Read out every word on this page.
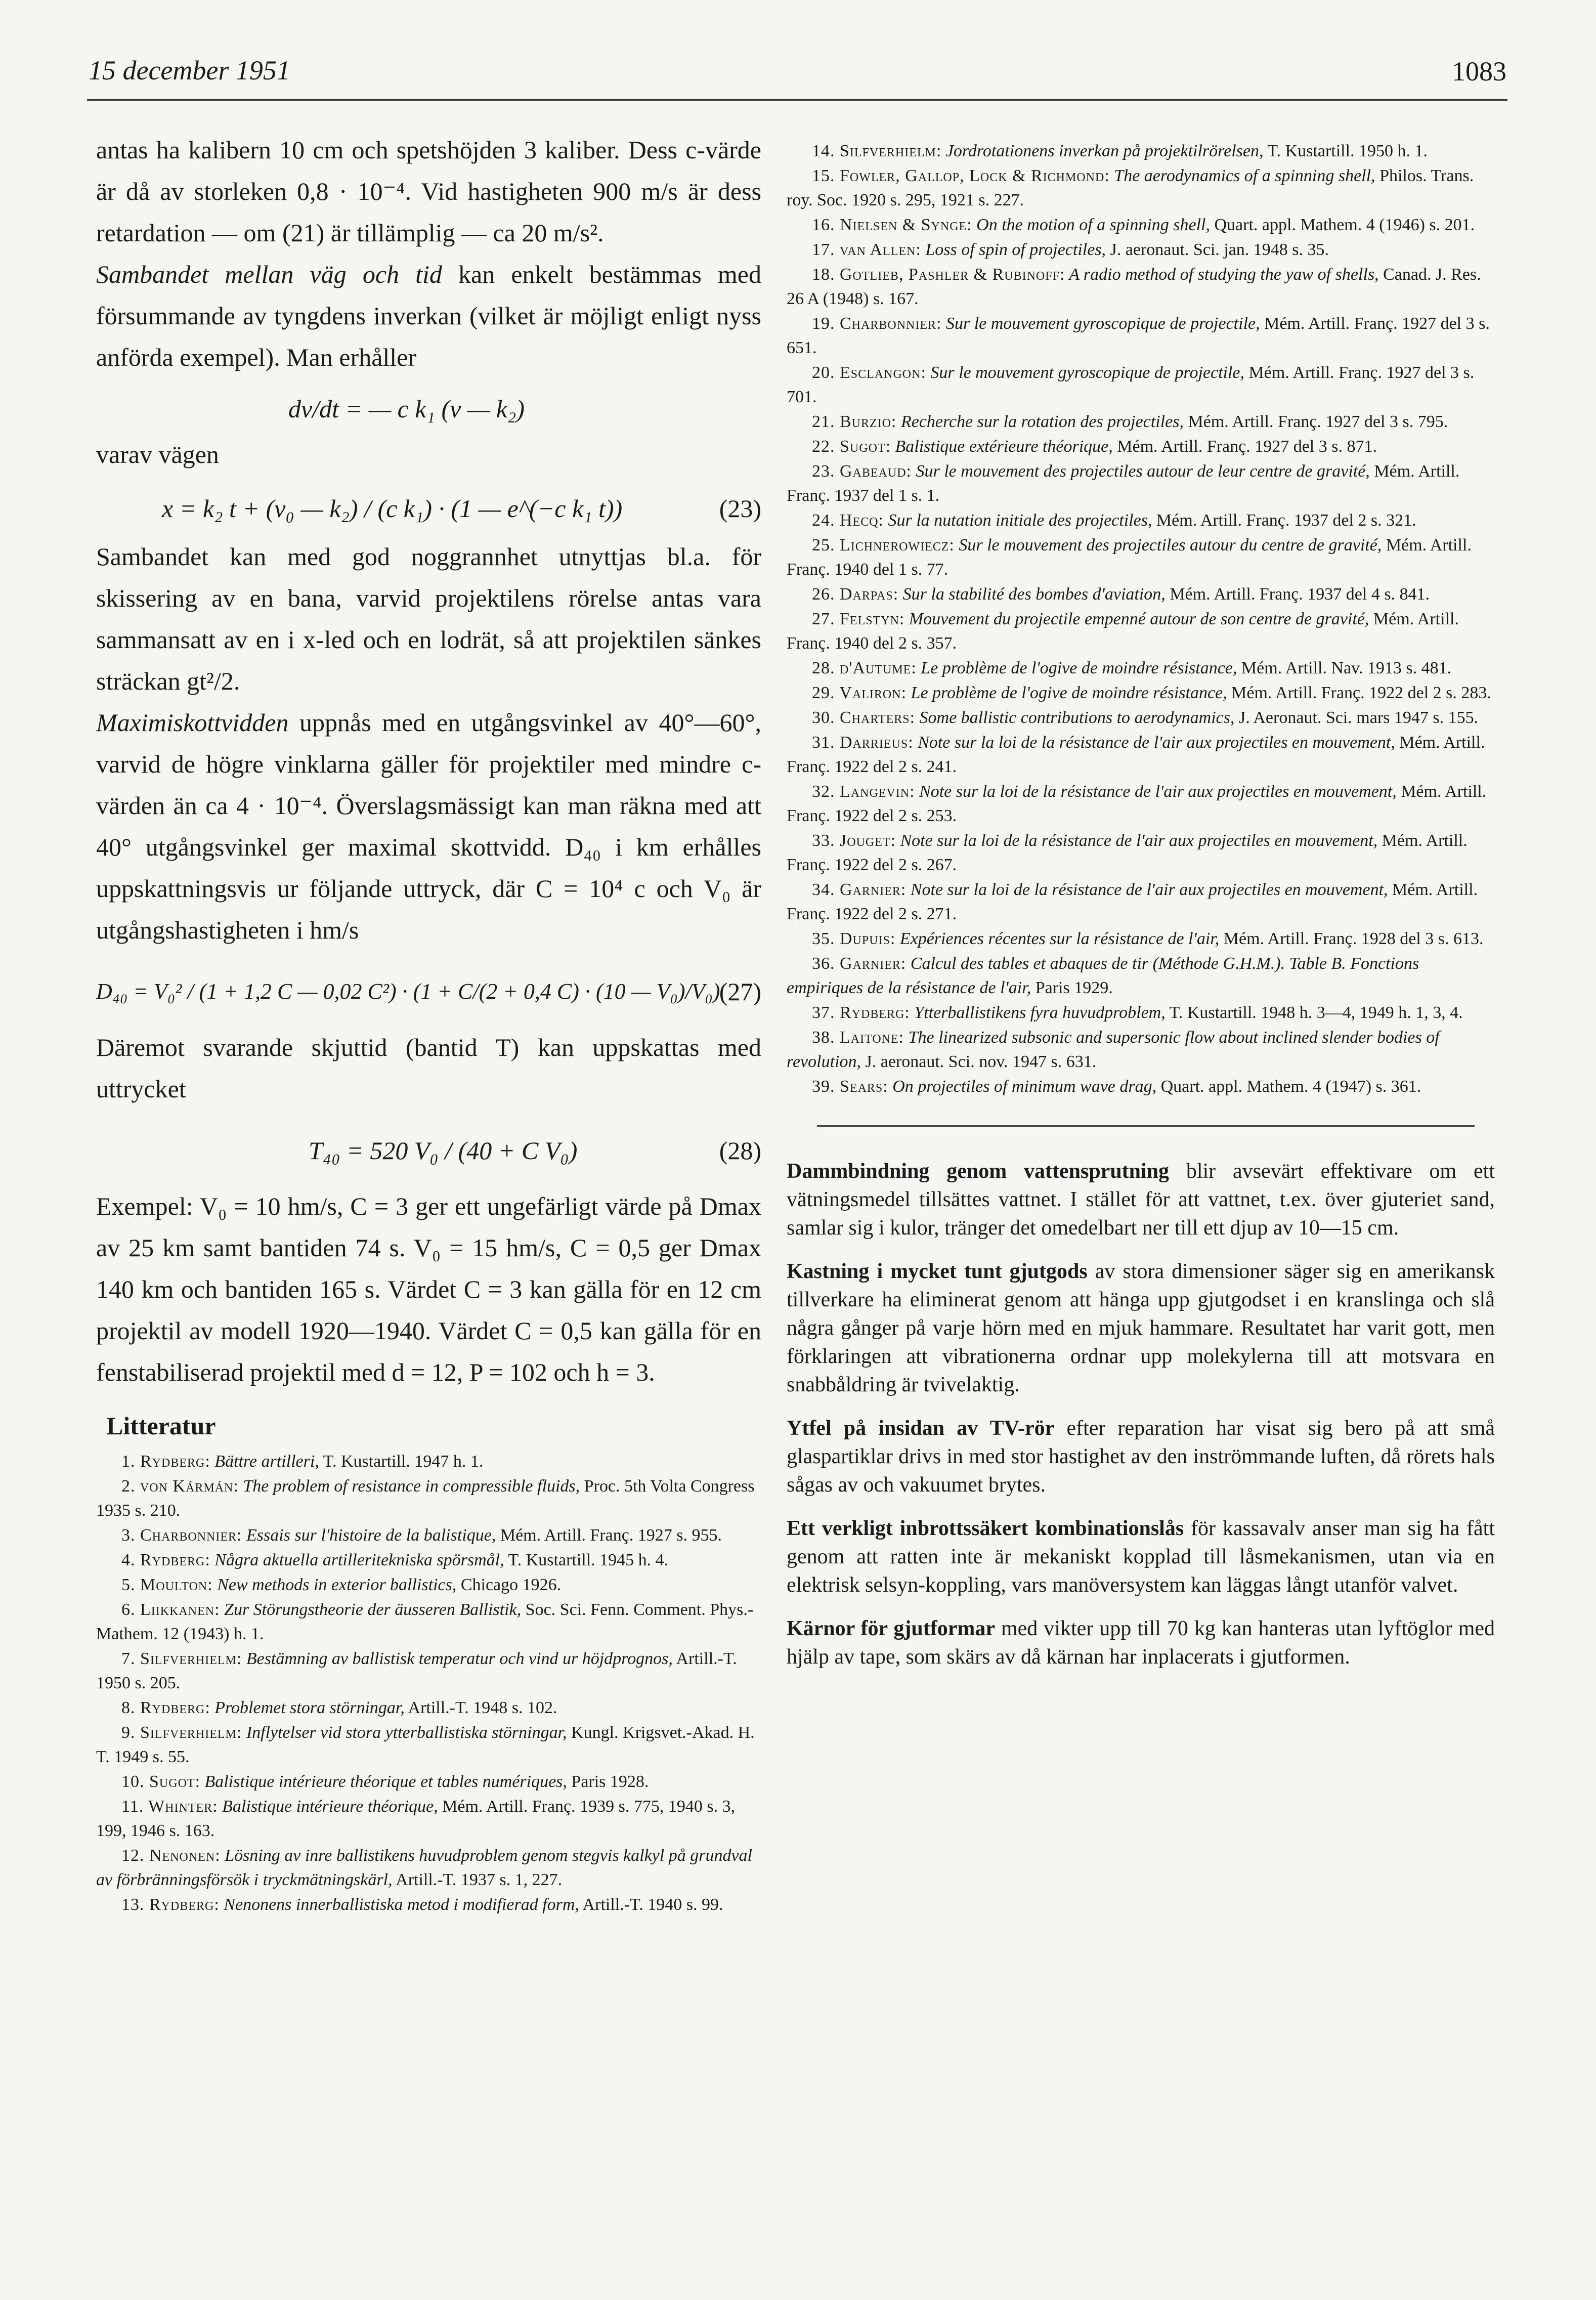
15 december 1951	1083

antas ha kalibern 10 cm och spetshöjden 3 kaliber. Dess c-värde är då av storleken 0,8 · 10⁻⁴. Vid hastigheten 900 m/s är dess retardation — om (21) är tillämplig — ca 20 m/s².

Sambandet mellan väg och tid kan enkelt bestämmas med försummande av tyngdens inverkan (vilket är möjligt enligt nyss anförda exempel). Man erhåller

dv/dt = — c k₁ (v — k₂)

varav vägen

x = k₂ t + (v₀ — k₂) / (c k₁) · (1 — e^(−c k₁ t))	(23)

Sambandet kan med god noggrannhet utnyttjas bl.a. för skissering av en bana, varvid projektilens rörelse antas vara sammansatt av en i x-led och en lodrät, så att projektilen sänkes sträckan gt²/2.

Maximiskottvidden uppnås med en utgångsvinkel av 40°—60°, varvid de högre vinklarna gäller för projektiler med mindre c-värden än ca 4 · 10⁻⁴. Överslagsmässigt kan man räkna med att 40° utgångsvinkel ger maximal skottvidd. D₄₀ i km erhålles uppskattningsvis ur följande uttryck, där C = 10⁴ c och V₀ är utgångshastigheten i hm/s

D₄₀ = V₀² / (1 + 1,2 C — 0,02 C²) · (1 + C/(2 + 0,4 C) · (10 — V₀)/V₀)
(27)

Däremot svarande skjuttid (bantid T) kan uppskattas med uttrycket

T₄₀ = 520 V₀ / (40 + C V₀)	(28)

Exempel: V₀ = 10 hm/s, C = 3 ger ett ungefärligt värde på Dmax av 25 km samt bantiden 74 s. V₀ = 15 hm/s, C = 0,5 ger Dmax 140 km och bantiden 165 s. Värdet C = 3 kan gälla för en 12 cm projektil av modell 1920—1940. Värdet C = 0,5 kan gälla för en fenstabiliserad projektil med d = 12, P = 102 och h = 3.

Litteratur
1. Rydberg: Bättre artilleri, T. Kustartill. 1947 h. 1.
2. von Kármán: The problem of resistance in compressible fluids, Proc. 5th Volta Congress 1935 s. 210.
3. Charbonnier: Essais sur l'histoire de la balistique, Mém. Artill. Franç. 1927 s. 955.
4. Rydberg: Några aktuella artilleritekniska spörsmål, T. Kustartill. 1945 h. 4.
5. Moulton: New methods in exterior ballistics, Chicago 1926.
6. Liikkanen: Zur Störungstheorie der äusseren Ballistik, Soc. Sci. Fenn. Comment. Phys.-Mathem. 12 (1943) h. 1.
7. Silfverhielm: Bestämning av ballistisk temperatur och vind ur höjdprognos, Artill.-T. 1950 s. 205.
8. Rydberg: Problemet stora störningar, Artill.-T. 1948 s. 102.
9. Silfverhielm: Inflytelser vid stora ytterballistiska störningar, Kungl. Krigsvet.-Akad. H. T. 1949 s. 55.
10. Sugot: Balistique intérieure théorique et tables numériques, Paris 1928.
11. Whinter: Balistique intérieure théorique, Mém. Artill. Franç. 1939 s. 775, 1940 s. 3, 199, 1946 s. 163.
12. Nenonen: Lösning av inre ballistikens huvudproblem genom stegvis kalkyl på grundval av förbränningsförsök i tryckmätningskärl, Artill.-T. 1937 s. 1, 227.
13. Rydberg: Nenonens innerballistiska metod i modifierad form, Artill.-T. 1940 s. 99.
14. Silfverhielm: Jordrotationens inverkan på projektilrörelsen, T. Kustartill. 1950 h. 1.
15. Fowler, Gallop, Lock & Richmond: The aerodynamics of a spinning shell, Philos. Trans. roy. Soc. 1920 s. 295, 1921 s. 227.
16. Nielsen & Synge: On the motion of a spinning shell, Quart. appl. Mathem. 4 (1946) s. 201.
17. van Allen: Loss of spin of projectiles, J. aeronaut. Sci. jan. 1948 s. 35.
18. Gotlieb, Pashler & Rubinoff: A radio method of studying the yaw of shells, Canad. J. Res. 26 A (1948) s. 167.
19. Charbonnier: Sur le mouvement gyroscopique de projectile, Mém. Artill. Franç. 1927 del 3 s. 651.
20. Esclangon: Sur le mouvement gyroscopique de projectile, Mém. Artill. Franç. 1927 del 3 s. 701.
21. Burzio: Recherche sur la rotation des projectiles, Mém. Artill. Franç. 1927 del 3 s. 795.
22. Sugot: Balistique extérieure théorique, Mém. Artill. Franç. 1927 del 3 s. 871.
23. Gabeaud: Sur le mouvement des projectiles autour de leur centre de gravité, Mém. Artill. Franç. 1937 del 1 s. 1.
24. Hecq: Sur la nutation initiale des projectiles, Mém. Artill. Franç. 1937 del 2 s. 321.
25. Lichnerowiecz: Sur le mouvement des projectiles autour du centre de gravité, Mém. Artill. Franç. 1940 del 1 s. 77.
26. Darpas: Sur la stabilité des bombes d'aviation, Mém. Artill. Franç. 1937 del 4 s. 841.
27. Felstyn: Mouvement du projectile empenné autour de son centre de gravité, Mém. Artill. Franç. 1940 del 2 s. 357.
28. d'Autume: Le problème de l'ogive de moindre résistance, Mém. Artill. Nav. 1913 s. 481.
29. Valiron: Le problème de l'ogive de moindre résistance, Mém. Artill. Franç. 1922 del 2 s. 283.
30. Charters: Some ballistic contributions to aerodynamics, J. Aeronaut. Sci. mars 1947 s. 155.
31. Darrieus: Note sur la loi de la résistance de l'air aux projectiles en mouvement, Mém. Artill. Franç. 1922 del 2 s. 241.
32. Langevin: Note sur la loi de la résistance de l'air aux projectiles en mouvement, Mém. Artill. Franç. 1922 del 2 s. 253.
33. Jouget: Note sur la loi de la résistance de l'air aux projectiles en mouvement, Mém. Artill. Franç. 1922 del 2 s. 267.
34. Garnier: Note sur la loi de la résistance de l'air aux projectiles en mouvement, Mém. Artill. Franç. 1922 del 2 s. 271.
35. Dupuis: Expériences récentes sur la résistance de l'air, Mém. Artill. Franç. 1928 del 3 s. 613.
36. Garnier: Calcul des tables et abaques de tir (Méthode G.H.M.). Table B. Fonctions empiriques de la résistance de l'air, Paris 1929.
37. Rydberg: Ytterballistikens fyra huvudproblem, T. Kustartill. 1948 h. 3—4, 1949 h. 1, 3, 4.
38. Laitone: The linearized subsonic and supersonic flow about inclined slender bodies of revolution, J. aeronaut. Sci. nov. 1947 s. 631.
39. Sears: On projectiles of minimum wave drag, Quart. appl. Mathem. 4 (1947) s. 361.

Dammbindning genom vattensprutning blir avsevärt effektivare om ett vätningsmedel tillsättes vattnet. I stället för att vattnet, t.ex. över gjuteriet sand, samlar sig i kulor, tränger det omedelbart ner till ett djup av 10—15 cm.

Kastning i mycket tunt gjutgods av stora dimensioner säger sig en amerikansk tillverkare ha eliminerat genom att hänga upp gjutgodset i en kranslinga och slå några gånger på varje hörn med en mjuk hammare. Resultatet har varit gott, men förklaringen att vibrationerna ordnar upp molekylerna till att motsvara en snabbåldring är tvivelaktig.

Ytfel på insidan av TV-rör efter reparation har visat sig bero på att små glaspartiklar drivs in med stor hastighet av den inströmmande luften, då rörets hals sågas av och vakuumet brytes.

Ett verkligt inbrottssäkert kombinationslås för kassavalv anser man sig ha fått genom att ratten inte är mekaniskt kopplad till låsmekanismen, utan via en elektrisk selsyn-koppling, vars manöversystem kan läggas långt utanför valvet.

Kärnor för gjutformar med vikter upp till 70 kg kan hanteras utan lyftöglor med hjälp av tape, som skärs av då kärnan har inplacerats i gjutformen.
